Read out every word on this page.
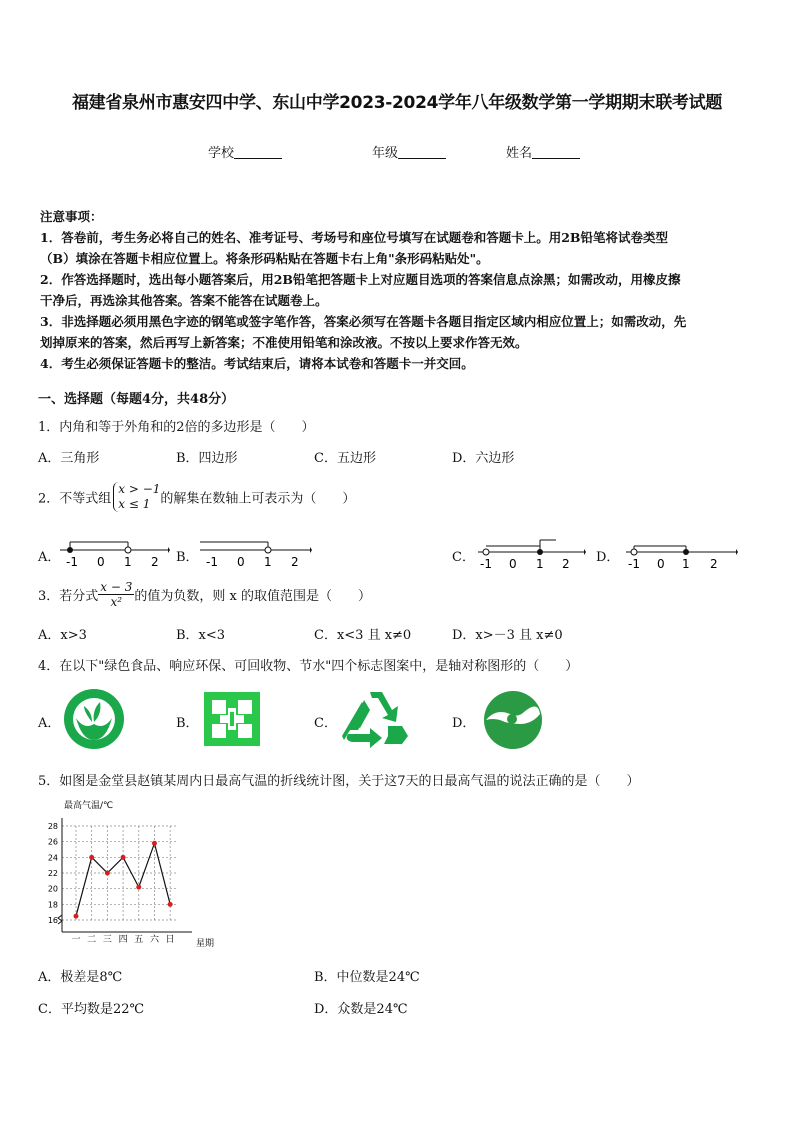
福建省泉州市惠安四中学、东山中学2023-2024学年八年级数学第一学期期末联考试题
学校	年级	姓名
注意事项：
1．答卷前，考生务必将自己的姓名、准考证号、考场号和座位号填写在试题卷和答题卡上。用2B铅笔将试卷类型
（B）填涂在答题卡相应位置上。将条形码粘贴在答题卡右上角"条形码粘贴处"。
2．作答选择题时，选出每小题答案后，用2B铅笔把答题卡上对应题目选项的答案信息点涂黑；如需改动，用橡皮擦
干净后，再选涂其他答案。答案不能答在试题卷上。
3．非选择题必须用黑色字迹的钢笔或签字笔作答，答案必须写在答题卡各题目指定区域内相应位置上；如需改动，先
划掉原来的答案，然后再写上新答案；不准使用铅笔和涂改液。不按以上要求作答无效。
4．考生必须保证答题卡的整洁。考试结束后，请将本试卷和答题卡一并交回。
一、选择题（每题4分，共48分）
1．内角和等于外角和的2倍的多边形是（　　）
A．三角形	B．四边形	C．五边形	D．六边形
2．不等式组x > −1
x ≤ 1 的解集在数轴上可表示为（　　）
A．	B．	C．	D．
-1 0 1 2	-1 0 1 2	-1 0 1 2	-1 0 1 2
3．若分式 $\frac{x - 3}{\text{x²}}$ 的值为负数，则 x 的取值范围是（　　）
A．x>3	B．x<3	C．x<3 且 x≠0	D．x>－3 且 x≠0
4．在以下"绿色食品、响应环保、可回收物、节水"四个标志图案中，是轴对称图形的（　　）
A．	B．	C．	D．
5．如图是金堂县赵镇某周内日最高气温的折线统计图，关于这7天的日最高气温的说法正确的是（　　）
最高气温/℃
星期
16
18
20
22
24
26
28
一 二 三 四 五 六 日
A．极差是8℃	B．中位数是24℃
C．平均数是22℃	D．众数是24℃
